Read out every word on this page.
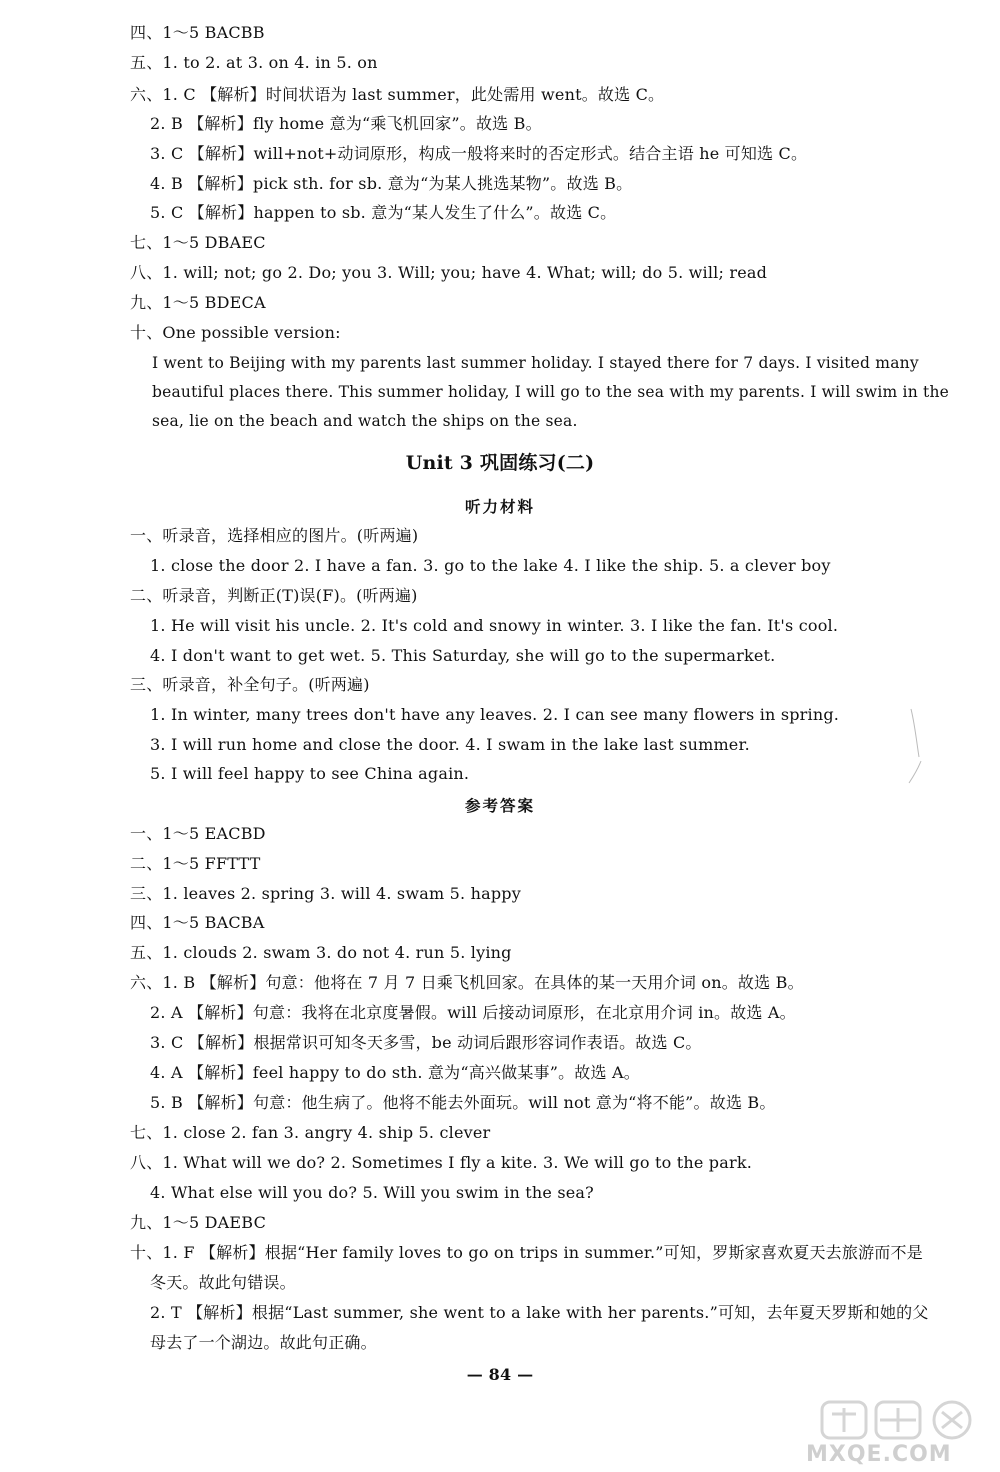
四、1～5 BACBB
五、1. to 2. at 3. on 4. in 5. on
六、1. C 【解析】时间状语为 last summer，此处需用 went。故选 C。
2. B 【解析】fly home 意为“乘飞机回家”。故选 B。
3. C 【解析】will+not+动词原形，构成一般将来时的否定形式。结合主语 he 可知选 C。
4. B 【解析】pick sth. for sb. 意为“为某人挑选某物”。故选 B。
5. C 【解析】happen to sb. 意为“某人发生了什么”。故选 C。
七、1～5 DBAEC
八、1. will; not; go 2. Do; you 3. Will; you; have 4. What; will; do 5. will; read
九、1～5 BDECA
十、One possible version:
I went to Beijing with my parents last summer holiday. I stayed there for 7 days. I visited many
beautiful places there. This summer holiday, I will go to the sea with my parents. I will swim in the
sea, lie on the beach and watch the ships on the sea.
Unit 3 巩固练习(二)
听力材料
一、听录音，选择相应的图片。(听两遍)
1. close the door 2. I have a fan. 3. go to the lake 4. I like the ship. 5. a clever boy
二、听录音，判断正(T)误(F)。(听两遍)
1. He will visit his uncle. 2. It's cold and snowy in winter. 3. I like the fan. It's cool.
4. I don't want to get wet. 5. This Saturday, she will go to the supermarket.
三、听录音，补全句子。(听两遍)
1. In winter, many trees don't have any leaves. 2. I can see many flowers in spring.
3. I will run home and close the door. 4. I swam in the lake last summer.
5. I will feel happy to see China again.
参考答案
一、1～5 EACBD
二、1～5 FFTTT
三、1. leaves 2. spring 3. will 4. swam 5. happy
四、1～5 BACBA
五、1. clouds 2. swam 3. do not 4. run 5. lying
六、1. B 【解析】句意：他将在 7 月 7 日乘飞机回家。在具体的某一天用介词 on。故选 B。
2. A 【解析】句意：我将在北京度暑假。will 后接动词原形，在北京用介词 in。故选 A。
3. C 【解析】根据常识可知冬天多雪，be 动词后跟形容词作表语。故选 C。
4. A 【解析】feel happy to do sth. 意为“高兴做某事”。故选 A。
5. B 【解析】句意：他生病了。他将不能去外面玩。will not 意为“将不能”。故选 B。
七、1. close 2. fan 3. angry 4. ship 5. clever
八、1. What will we do? 2. Sometimes I fly a kite. 3. We will go to the park.
4. What else will you do? 5. Will you swim in the sea?
九、1～5 DAEBC
十、1. F 【解析】根据“Her family loves to go on trips in summer.”可知，罗斯家喜欢夏天去旅游而不是
冬天。故此句错误。
2. T 【解析】根据“Last summer, she went to a lake with her parents.”可知，去年夏天罗斯和她的父
母去了一个湖边。故此句正确。
— 84 —
MXQE.COM
